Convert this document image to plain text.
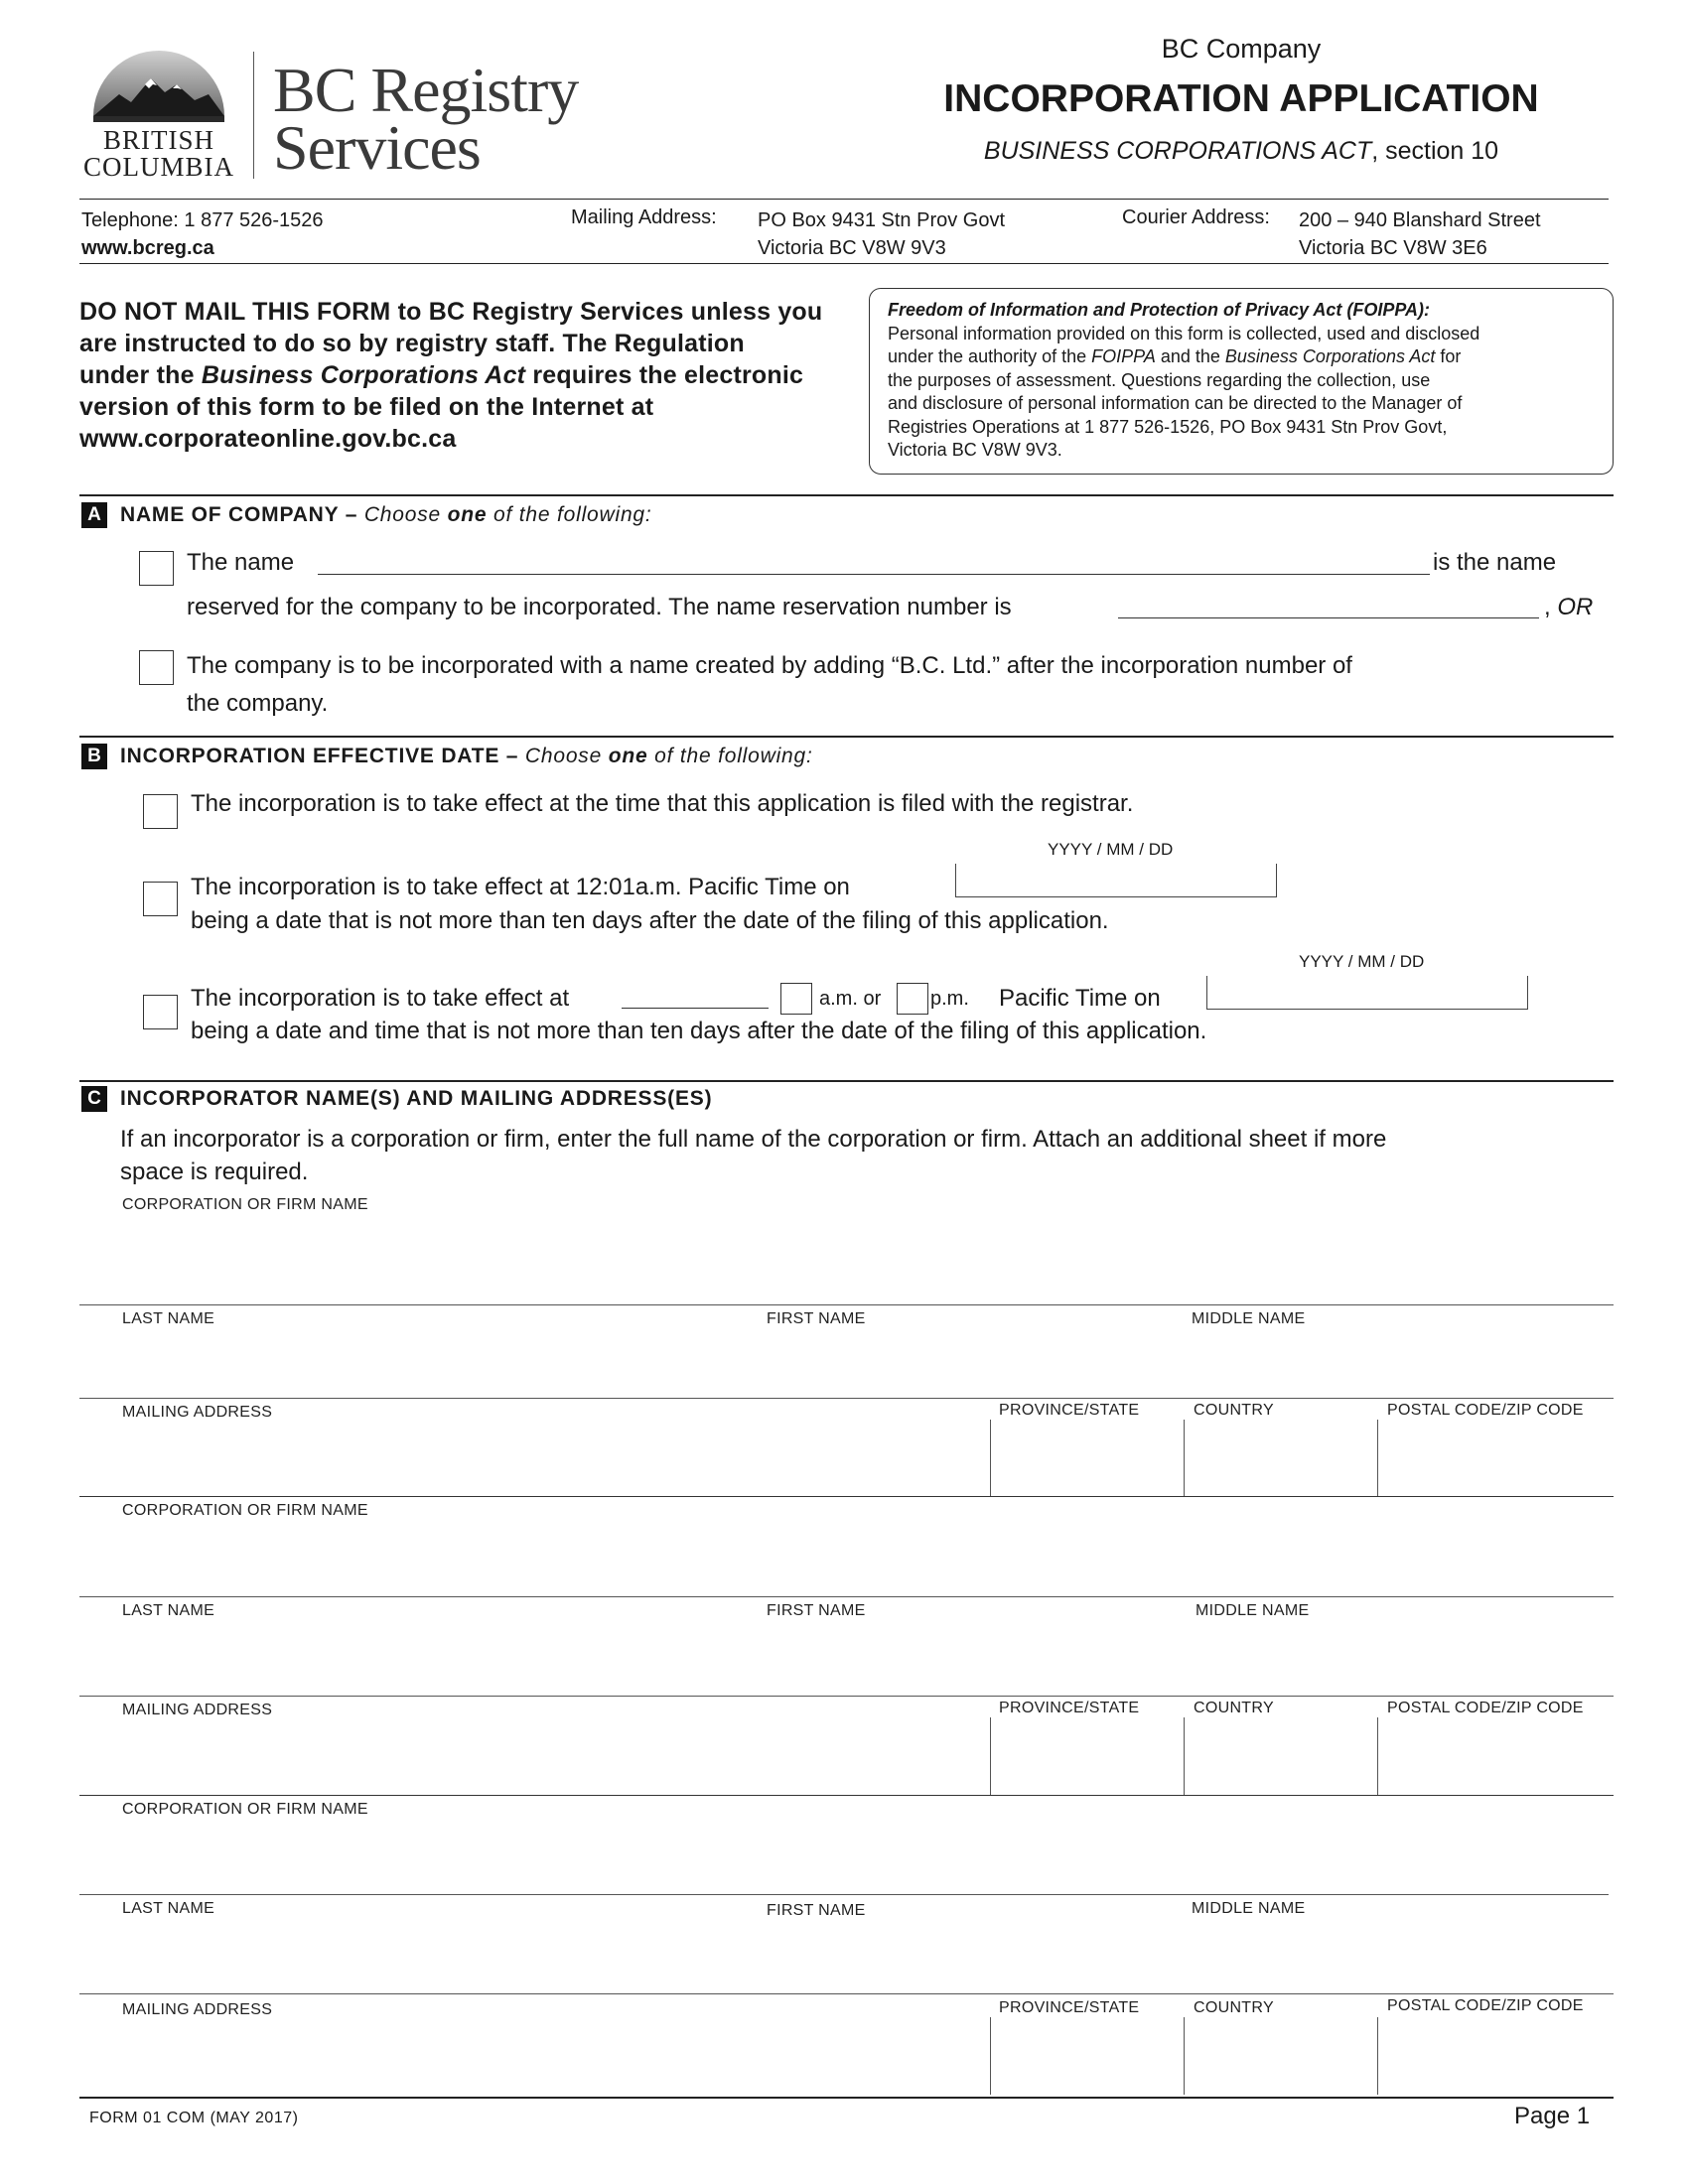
BRITISH
COLUMBIA
BC Registry
Services
BC Company
INCORPORATION APPLICATION
BUSINESS CORPORATIONS ACT, section 10
Telephone: 1 877 526-1526
www.bcreg.ca
Mailing Address: PO Box 9431 Stn Prov Govt
Victoria BC V8W 9V3
Courier Address: 200 – 940 Blanshard Street
Victoria BC V8W 3E6
DO NOT MAIL THIS FORM to BC Registry Services unless you
are instructed to do so by registry staff. The Regulation
under the Business Corporations Act requires the electronic
version of this form to be filed on the Internet at
www.corporateonline.gov.bc.ca
Freedom of Information and Protection of Privacy Act (FOIPPA):
Personal information provided on this form is collected, used and disclosed
under the authority of the FOIPPA and the Business Corporations Act for
the purposes of assessment. Questions regarding the collection, use
and disclosure of personal information can be directed to the Manager of
Registries Operations at 1 877 526-1526, PO Box 9431 Stn Prov Govt,
Victoria BC V8W 9V3.
A NAME OF COMPANY – Choose one of the following:
The name	is the name
reserved for the company to be incorporated. The name reservation number is	, OR
The company is to be incorporated with a name created by adding “B.C. Ltd.” after the incorporation number of
the company.
B INCORPORATION EFFECTIVE DATE – Choose one of the following:
The incorporation is to take effect at the time that this application is filed with the registrar.
YYYY / MM / DD
The incorporation is to take effect at 12:01a.m. Pacific Time on
being a date that is not more than ten days after the date of the filing of this application.
YYYY / MM / DD
The incorporation is to take effect at	a.m. or p.m. Pacific Time on
being a date and time that is not more than ten days after the date of the filing of this application.
C INCORPORATOR NAME(S) AND MAILING ADDRESS(ES)
If an incorporator is a corporation or firm, enter the full name of the corporation or firm. Attach an additional sheet if more
space is required.
CORPORATION OR FIRM NAME
LAST NAME	FIRST NAME	MIDDLE NAME
MAILING ADDRESS	PROVINCE/STATE	COUNTRY	POSTAL CODE/ZIP CODE
CORPORATION OR FIRM NAME
LAST NAME	FIRST NAME	MIDDLE NAME
MAILING ADDRESS	PROVINCE/STATE	COUNTRY	POSTAL CODE/ZIP CODE
CORPORATION OR FIRM NAME
LAST NAME	FIRST NAME	MIDDLE NAME
MAILING ADDRESS	PROVINCE/STATE	COUNTRY	POSTAL CODE/ZIP CODE
FORM 01 COM (MAY 2017)	Page 1
